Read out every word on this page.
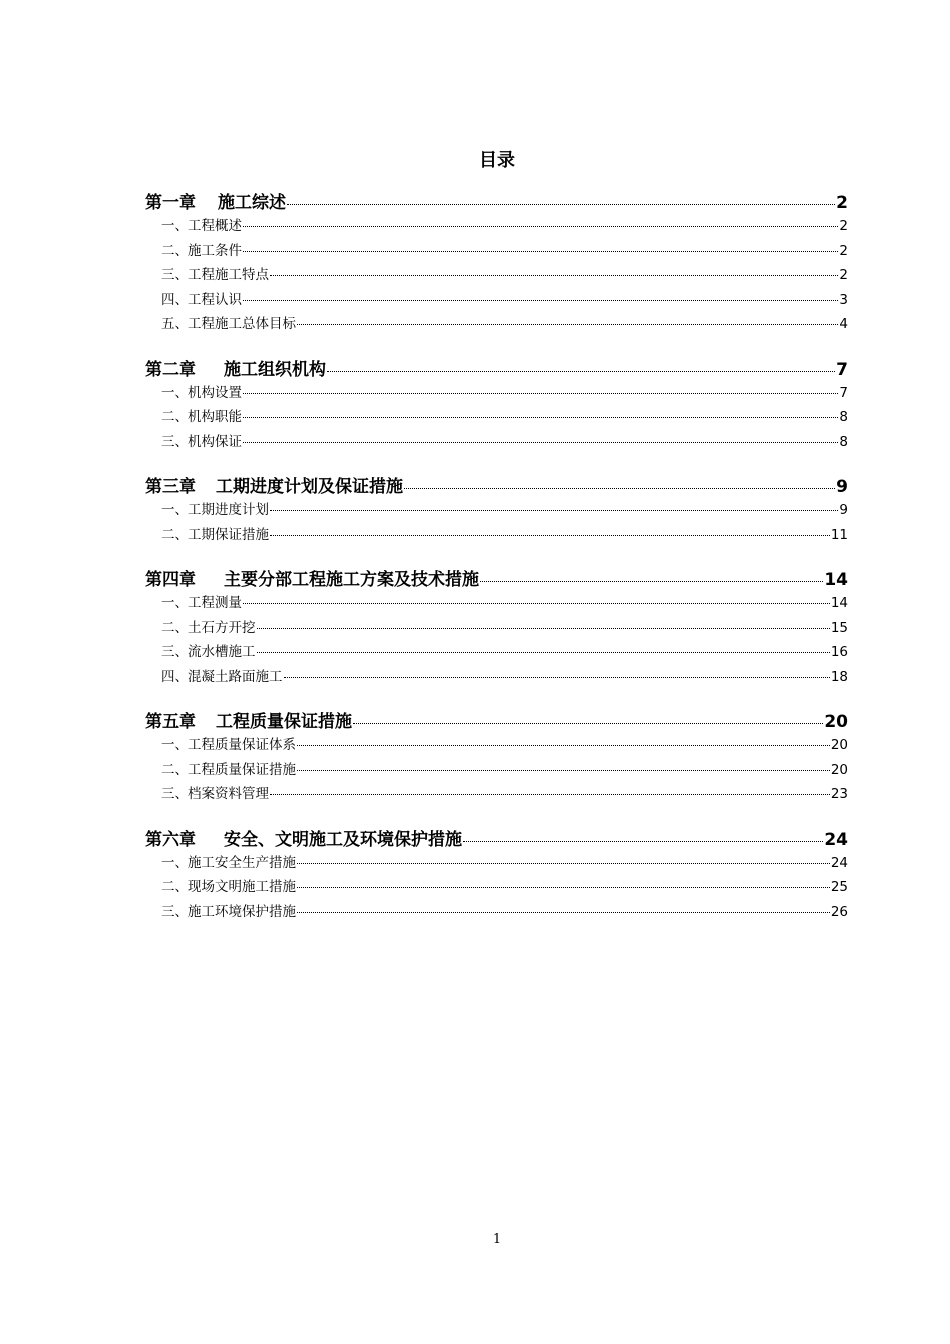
目录
第一章 施工综述	2
一、工程概述	2
二、施工条件	2
三、工程施工特点	2
四、工程认识	3
五、工程施工总体目标	4
第二章 施工组织机构	7
一、机构设置	7
二、机构职能	8
三、机构保证	8
第三章 工期进度计划及保证措施	9
一、工期进度计划	9
二、工期保证措施	11
第四章 主要分部工程施工方案及技术措施	14
一、工程测量	14
二、土石方开挖	15
三、流水槽施工	16
四、混凝土路面施工	18
第五章 工程质量保证措施	20
一、工程质量保证体系	20
二、工程质量保证措施	20
三、档案资料管理	23
第六章 安全、文明施工及环境保护措施	24
一、施工安全生产措施	24
二、现场文明施工措施	25
三、施工环境保护措施	26
1
